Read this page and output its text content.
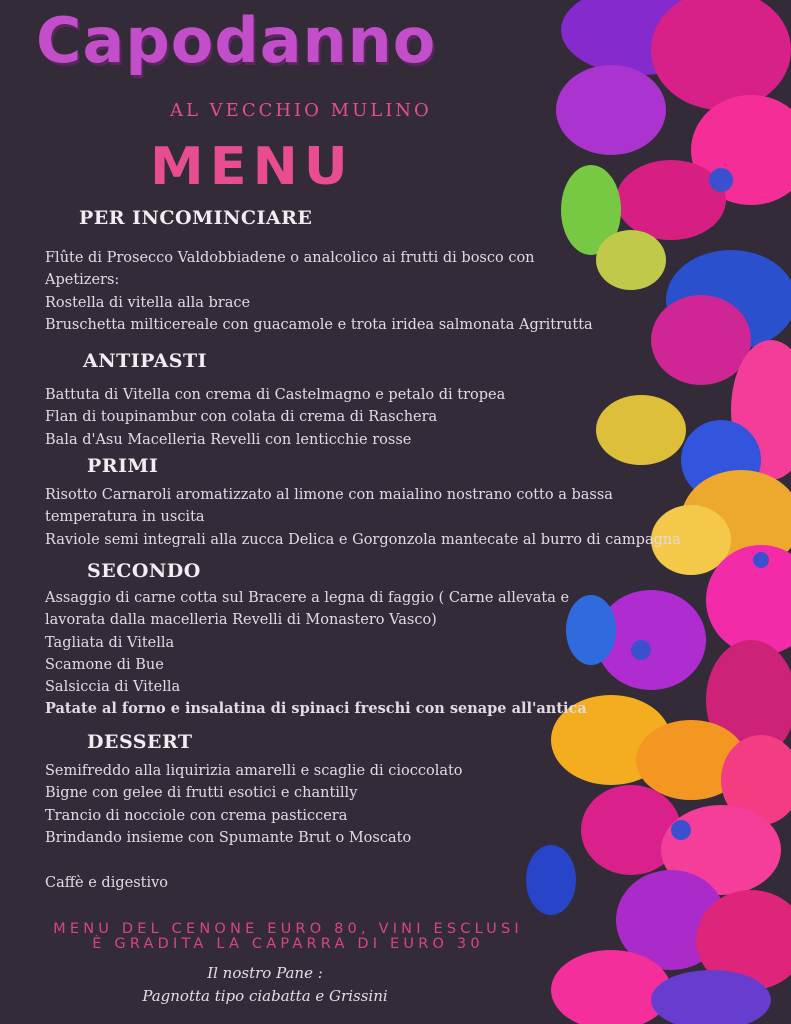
Capodanno
AL VECCHIO MULINO
MENU
PER INCOMINCIARE
Flûte di Prosecco Valdobbiadene o analcolico ai frutti di bosco con
Apetizers:
Rostella di vitella alla brace
Bruschetta milticereale con guacamole e trota iridea salmonata Agritrutta
ANTIPASTI
Battuta di Vitella con crema di Castelmagno e petalo di tropea
Flan di toupinambur con colata di crema di Raschera
Bala d'Asu Macelleria Revelli con lenticchie rosse
PRIMI
Risotto Carnaroli aromatizzato al limone con maialino nostrano cotto a bassa
temperatura in uscita
Raviole semi integrali alla zucca Delica e Gorgonzola mantecate al burro di campagna
SECONDO
Assaggio di carne cotta sul Bracere a legna di faggio ( Carne allevata e
lavorata dalla macelleria Revelli di Monastero Vasco)
Tagliata di Vitella
Scamone di Bue
Salsiccia di Vitella
Patate al forno e insalatina di spinaci freschi con senape all'antica
DESSERT
Semifreddo alla liquirizia amarelli e scaglie di cioccolato
Bigne con gelee di frutti esotici e chantilly
Trancio di nocciole con crema pasticcera
Brindando insieme con Spumante Brut o Moscato
Caffè e digestivo
MENU DEL CENONE EURO 80, VINI ESCLUSI
È GRADITA LA CAPARRA DI EURO 30
Il nostro Pane :
Pagnotta tipo ciabatta e Grissini
